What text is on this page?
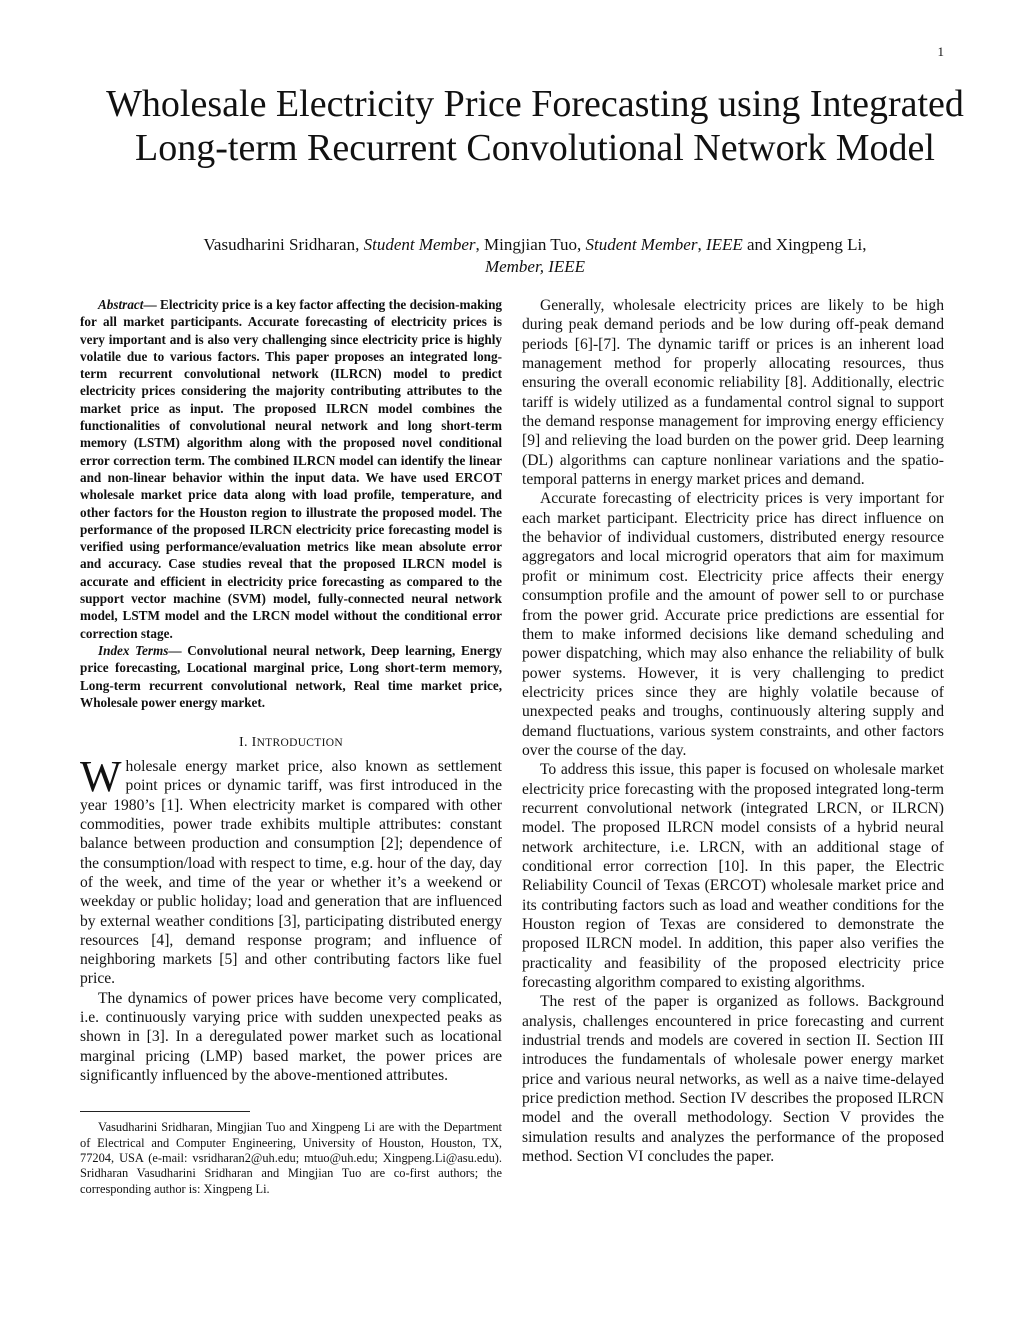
1
Wholesale Electricity Price Forecasting using Integrated Long-term Recurrent Convolutional Network Model
Vasudharini Sridharan, Student Member, Mingjian Tuo, Student Member, IEEE and Xingpeng Li,
Member, IEEE

Abstract— Electricity price is a key factor affecting the decision-making for all market participants. Accurate forecasting of electricity prices is very important and is also very challenging since electricity price is highly volatile due to various factors. This paper proposes an integrated long-term recurrent convolutional network (ILRCN) model to predict electricity prices considering the majority contributing attributes to the market price as input. The proposed ILRCN model combines the functionalities of convolutional neural network and long short-term memory (LSTM) algorithm along with the proposed novel conditional error correction term. The combined ILRCN model can identify the linear and non-linear behavior within the input data. We have used ERCOT wholesale market price data along with load profile, temperature, and other factors for the Houston region to illustrate the proposed model. The performance of the proposed ILRCN electricity price forecasting model is verified using performance/evaluation metrics like mean absolute error and accuracy. Case studies reveal that the proposed ILRCN model is accurate and efficient in electricity price forecasting as compared to the support vector machine (SVM) model, fully-connected neural network model, LSTM model and the LRCN model without the conditional error correction stage.

Index Terms— Convolutional neural network, Deep learning, Energy price forecasting, Locational marginal price, Long short-term memory, Long-term recurrent convolutional network, Real time market price, Wholesale power energy market.

I. INTRODUCTION

Wholesale energy market price, also known as settlement point prices or dynamic tariff, was first introduced in the year 1980’s [1]. When electricity market is compared with other commodities, power trade exhibits multiple attributes: constant balance between production and consumption [2]; dependence of the consumption/load with respect to time, e.g. hour of the day, day of the week, and time of the year or whether it’s a weekend or weekday or public holiday; load and generation that are influenced by external weather conditions [3], participating distributed energy resources [4], demand response program; and influence of neighboring markets [5] and other contributing factors like fuel price.

The dynamics of power prices have become very complicated, i.e. continuously varying price with sudden unexpected peaks as shown in [3]. In a deregulated power market such as locational marginal pricing (LMP) based market, the power prices are significantly influenced by the above-mentioned attributes.

Vasudharini Sridharan, Mingjian Tuo and Xingpeng Li are with the Department of Electrical and Computer Engineering, University of Houston, Houston, TX, 77204, USA (e-mail: vsridharan2@uh.edu; mtuo@uh.edu; Xingpeng.Li@asu.edu). Sridharan Vasudharini Sridharan and Mingjian Tuo are co-first authors; the corresponding author is: Xingpeng Li.

Generally, wholesale electricity prices are likely to be high during peak demand periods and be low during off-peak demand periods [6]-[7]. The dynamic tariff or prices is an inherent load management method for properly allocating resources, thus ensuring the overall economic reliability [8]. Additionally, electric tariff is widely utilized as a fundamental control signal to support the demand response management for improving energy efficiency [9] and relieving the load burden on the power grid. Deep learning (DL) algorithms can capture nonlinear variations and the spatio-temporal patterns in energy market prices and demand.

Accurate forecasting of electricity prices is very important for each market participant. Electricity price has direct influence on the behavior of individual customers, distributed energy resource aggregators and local microgrid operators that aim for maximum profit or minimum cost. Electricity price affects their energy consumption profile and the amount of power sell to or purchase from the power grid. Accurate price predictions are essential for them to make informed decisions like demand scheduling and power dispatching, which may also enhance the reliability of bulk power systems. However, it is very challenging to predict electricity prices since they are highly volatile because of unexpected peaks and troughs, continuously altering supply and demand fluctuations, various system constraints, and other factors over the course of the day.

To address this issue, this paper is focused on wholesale market electricity price forecasting with the proposed integrated long-term recurrent convolutional network (integrated LRCN, or ILRCN) model. The proposed ILRCN model consists of a hybrid neural network architecture, i.e. LRCN, with an additional stage of conditional error correction [10]. In this paper, the Electric Reliability Council of Texas (ERCOT) wholesale market price and its contributing factors such as load and weather conditions for the Houston region of Texas are considered to demonstrate the proposed ILRCN model. In addition, this paper also verifies the practicality and feasibility of the proposed electricity price forecasting algorithm compared to existing algorithms.

The rest of the paper is organized as follows. Background analysis, challenges encountered in price forecasting and current industrial trends and models are covered in section II. Section III introduces the fundamentals of wholesale power energy market price and various neural networks, as well as a naive time-delayed price prediction method. Section IV describes the proposed ILRCN model and the overall methodology. Section V provides the simulation results and analyzes the performance of the proposed method. Section VI concludes the paper.
